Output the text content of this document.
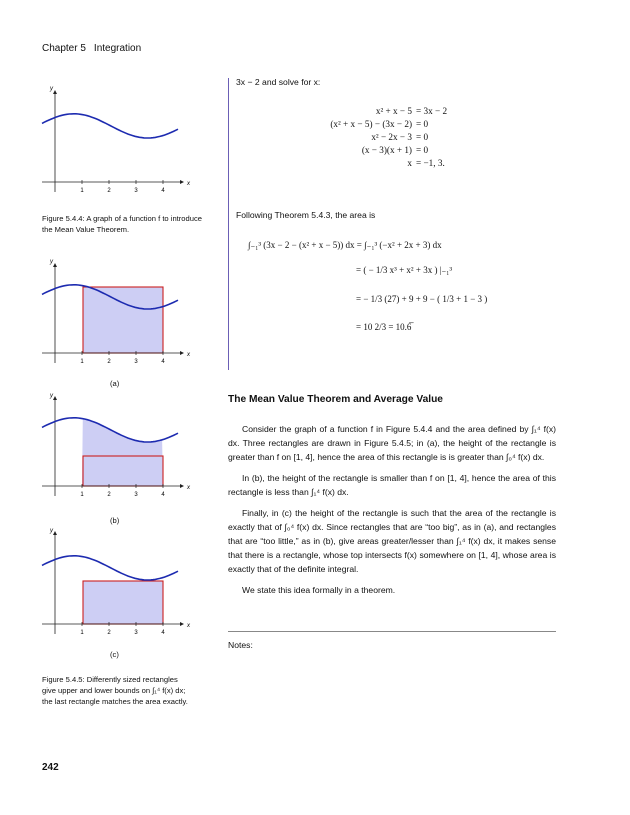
Chapter 5 Integration
1	2	3	4
x
y
Figure 5.4.4: A graph of a function f to introduce the Mean Value Theorem.
1	2	3	4
x
y
(a)
1	2	3	4
x
y
(b)
1	2	3	4
x
y
(c)
Figure 5.4.5: Differently sized rectangles give upper and lower bounds on ∫₁⁴ f(x) dx; the last rectangle matches the area exactly.
3x − 2 and solve for x:
x² + x − 5 = 3x − 2
(x² + x − 5) − (3x − 2) = 0
x² − 2x − 3 = 0
(x − 3)(x + 1) = 0
x = −1, 3.
Following Theorem 5.4.3, the area is
∫₋₁³ (3x − 2 − (x² + x − 5)) dx = ∫₋₁³ (−x² + 2x + 3) dx
= ( − 1/3 x³ + x² + 3x ) |₋₁³
= − 1/3 (27) + 9 + 9 − ( 1/3 + 1 − 3 )
= 10 2/3 = 10.6̅
The Mean Value Theorem and Average Value

Consider the graph of a function f in Figure 5.4.4 and the area defined by ∫₁⁴ f(x) dx. Three rectangles are drawn in Figure 5.4.5; in (a), the height of the rectangle is greater than f on [1, 4], hence the area of this rectangle is is greater than ∫₀⁴ f(x) dx.

In (b), the height of the rectangle is smaller than f on [1, 4], hence the area of this rectangle is less than ∫₁⁴ f(x) dx.

Finally, in (c) the height of the rectangle is such that the area of the rectangle is exactly that of ∫₀⁴ f(x) dx. Since rectangles that are “too big”, as in (a), and rectangles that are “too little,” as in (b), give areas greater/lesser than ∫₁⁴ f(x) dx, it makes sense that there is a rectangle, whose top intersects f(x) somewhere on [1, 4], whose area is exactly that of the definite integral.

We state this idea formally in a theorem.

Notes:
242
